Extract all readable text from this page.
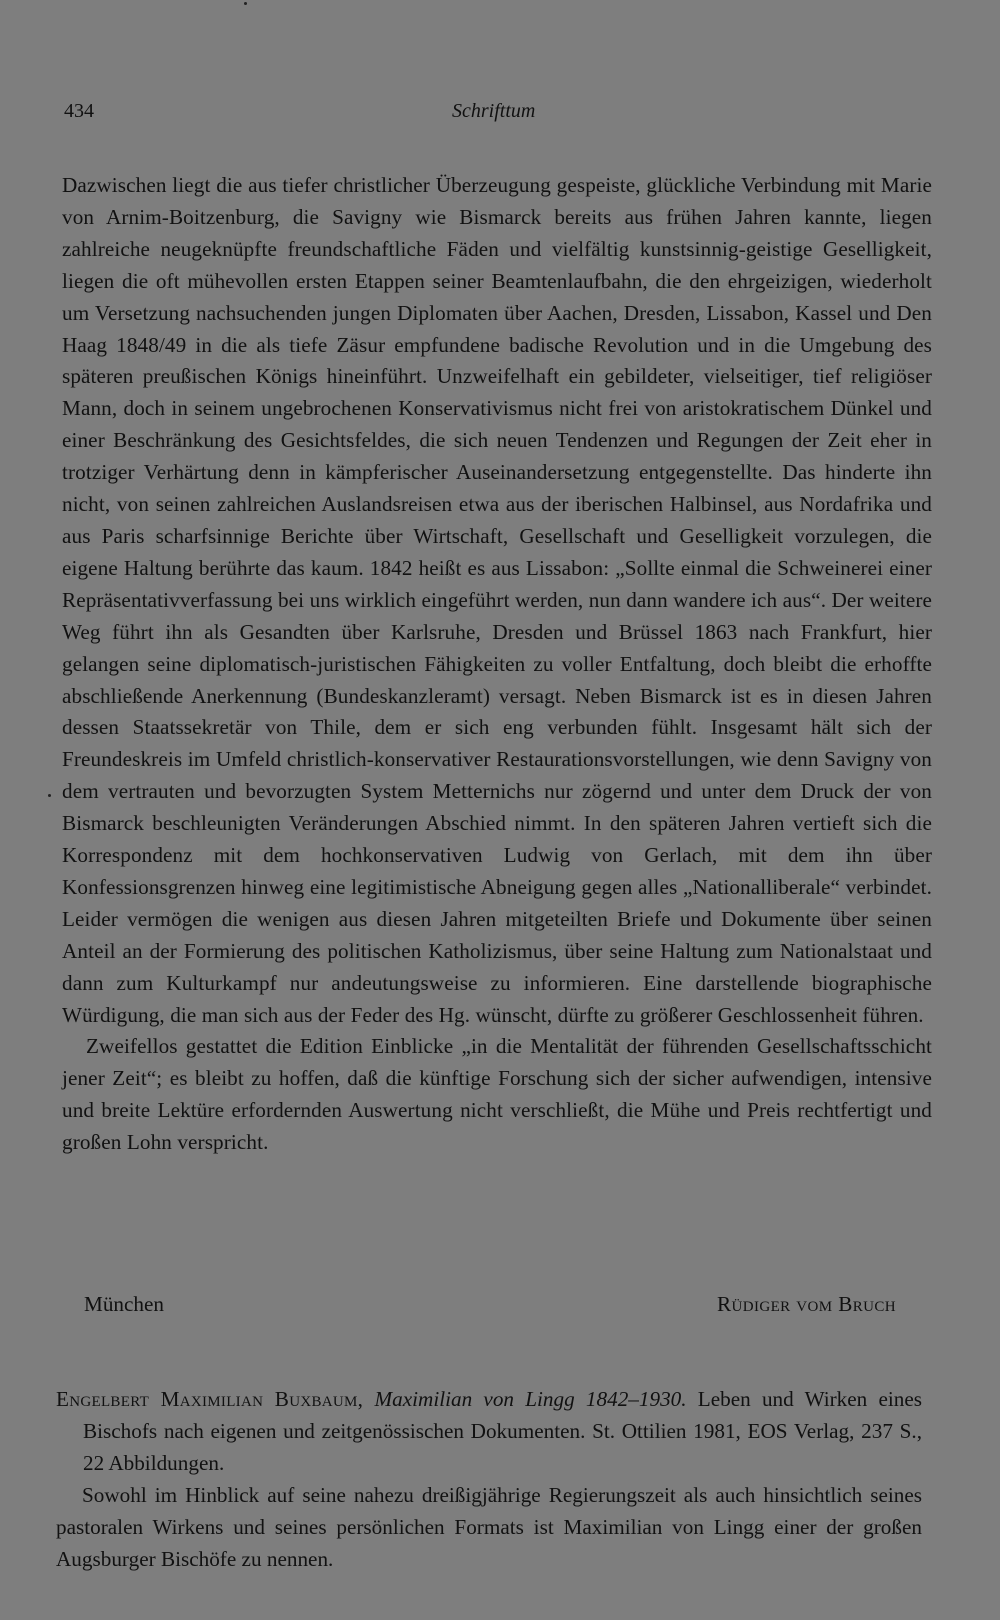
434	Schrifttum

Dazwischen liegt die aus tiefer christlicher Überzeugung gespeiste, glückliche Verbindung mit Marie von Arnim-Boitzenburg, die Savigny wie Bismarck bereits aus frühen Jahren kannte, liegen zahlreiche neugeknüpfte freundschaftliche Fäden und vielfältig kunstsinnig-geistige Geselligkeit, liegen die oft mühevollen ersten Etappen seiner Beamtenlaufbahn, die den ehrgeizigen, wiederholt um Versetzung nachsuchenden jungen Diplomaten über Aachen, Dresden, Lissabon, Kassel und Den Haag 1848/49 in die als tiefe Zäsur empfundene badische Revolution und in die Umgebung des späteren preußischen Königs hineinführt. Unzweifelhaft ein gebildeter, vielseitiger, tief religiöser Mann, doch in seinem ungebrochenen Konservativismus nicht frei von aristokratischem Dünkel und einer Beschränkung des Gesichtsfeldes, die sich neuen Tendenzen und Regungen der Zeit eher in trotziger Verhärtung denn in kämpferischer Auseinandersetzung entgegenstellte. Das hinderte ihn nicht, von seinen zahlreichen Auslandsreisen etwa aus der iberischen Halbinsel, aus Nordafrika und aus Paris scharfsinnige Berichte über Wirtschaft, Gesellschaft und Geselligkeit vorzulegen, die eigene Haltung berührte das kaum. 1842 heißt es aus Lissabon: „Sollte einmal die Schweinerei einer Repräsentativverfassung bei uns wirklich eingeführt werden, nun dann wandere ich aus“. Der weitere Weg führt ihn als Gesandten über Karlsruhe, Dresden und Brüssel 1863 nach Frankfurt, hier gelangen seine diplomatisch-juristischen Fähigkeiten zu voller Entfaltung, doch bleibt die erhoffte abschließende Anerkennung (Bundeskanzleramt) versagt. Neben Bismarck ist es in diesen Jahren dessen Staatssekretär von Thile, dem er sich eng verbunden fühlt. Insgesamt hält sich der Freundeskreis im Umfeld christlich-konservativer Restaurationsvorstellungen, wie denn Savigny von dem vertrauten und bevorzugten System Metternichs nur zögernd und unter dem Druck der von Bismarck beschleunigten Veränderungen Abschied nimmt. In den späteren Jahren vertieft sich die Korrespondenz mit dem hochkonservativen Ludwig von Gerlach, mit dem ihn über Konfessionsgrenzen hinweg eine legitimistische Abneigung gegen alles „Nationalliberale“ verbindet. Leider vermögen die wenigen aus diesen Jahren mitgeteilten Briefe und Dokumente über seinen Anteil an der Formierung des politischen Katholizismus, über seine Haltung zum Nationalstaat und dann zum Kulturkampf nur andeutungsweise zu informieren. Eine darstellende biographische Würdigung, die man sich aus der Feder des Hg. wünscht, dürfte zu größerer Geschlossenheit führen.

Zweifellos gestattet die Edition Einblicke „in die Mentalität der führenden Gesellschaftsschicht jener Zeit“; es bleibt zu hoffen, daß die künftige Forschung sich der sicher aufwendigen, intensive und breite Lektüre erfordernden Auswertung nicht verschließt, die Mühe und Preis rechtfertigt und großen Lohn verspricht.

München	Rüdiger vom Bruch

Engelbert Maximilian Buxbaum, Maximilian von Lingg 1842–1930. Leben und Wirken eines Bischofs nach eigenen und zeitgenössischen Dokumenten. St. Ottilien 1981, EOS Verlag, 237 S., 22 Abbildungen.

Sowohl im Hinblick auf seine nahezu dreißigjährige Regierungszeit als auch hinsichtlich seines pastoralen Wirkens und seines persönlichen Formats ist Maximilian von Lingg einer der großen Augsburger Bischöfe zu nennen.
